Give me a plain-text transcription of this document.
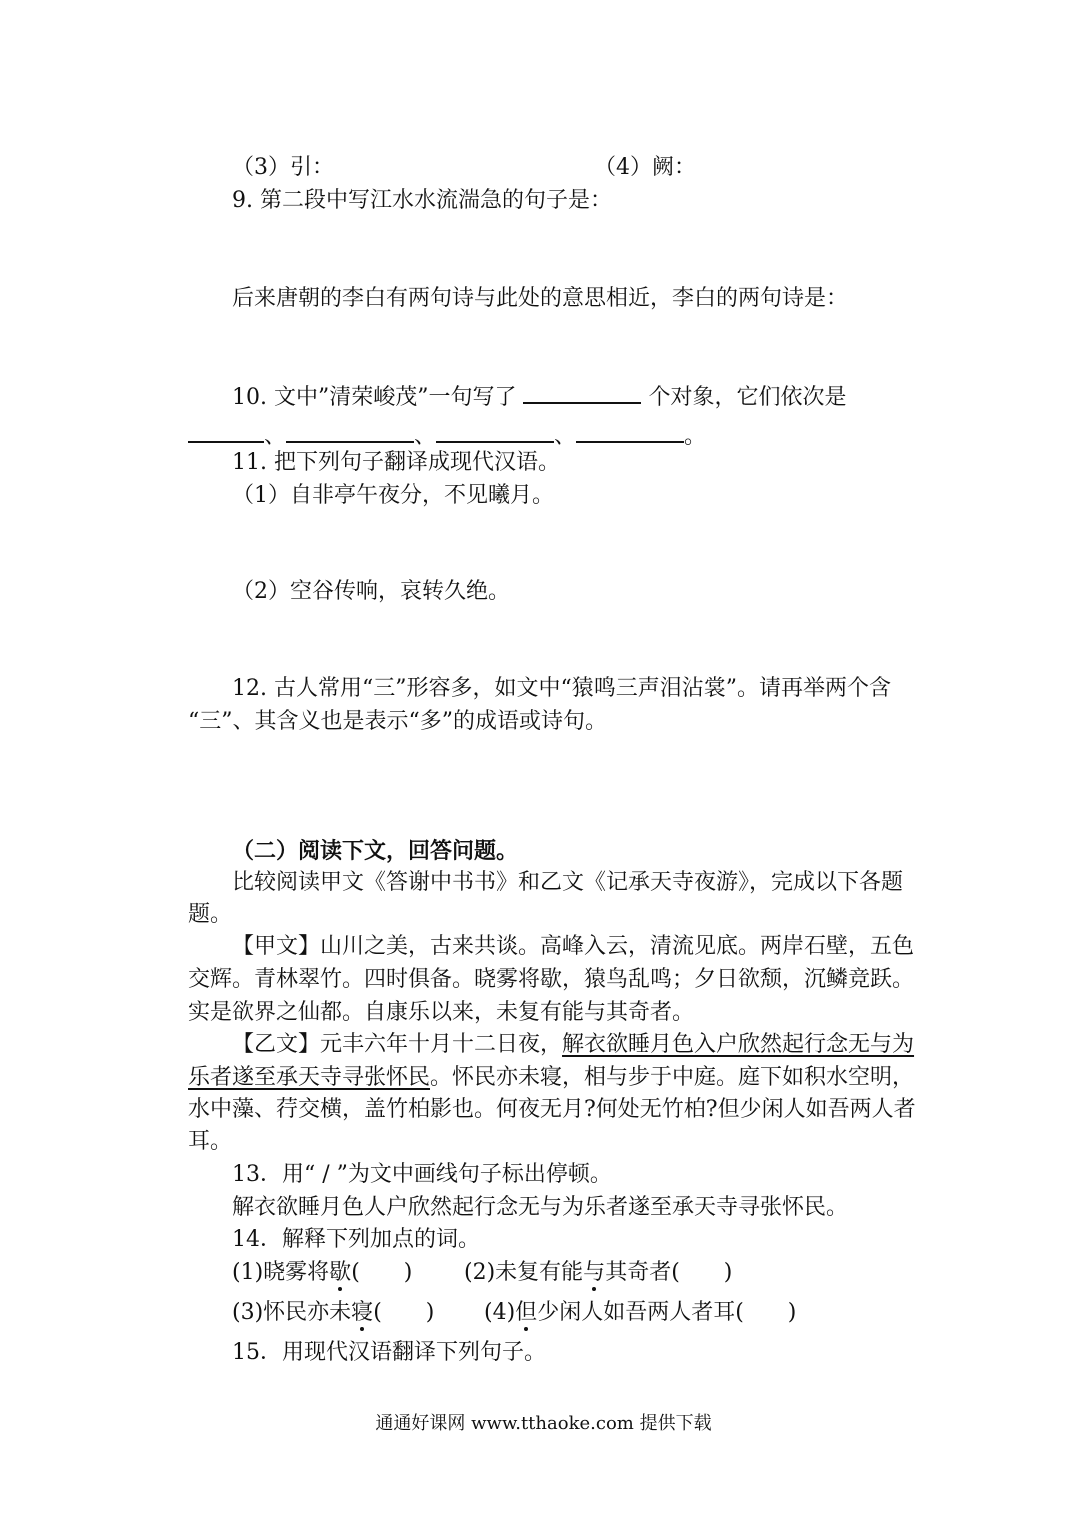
（3）引：	（4）阙：
9. 第二段中写江水水流湍急的句子是：
后来唐朝的李白有两句诗与此处的意思相近，李白的两句诗是：
10. 文中”清荣峻茂”一句写了	个对象，它们依次是
、	、	、	。
11. 把下列句子翻译成现代汉语。
（1）自非亭午夜分，不见曦月。
（2）空谷传响，哀转久绝。
12. 古人常用“三”形容多，如文中“猿鸣三声泪沾裳”。请再举两个含
“三”、其含义也是表示“多”的成语或诗句。
（二）阅读下文，回答问题。
比较阅读甲文《答谢中书书》和乙文《记承天寺夜游》，完成以下各题
题。
【甲文】山川之美，古来共谈。高峰入云，清流见底。两岸石壁，五色
交辉。青林翠竹。四时俱备。晓雾将歇，猿鸟乱鸣；夕日欲颓，沉鳞竞跃。
实是欲界之仙都。自康乐以来，未复有能与其奇者。
【乙文】元丰六年十月十二日夜，解衣欲睡月色入户欣然起行念无与为
乐者遂至承天寺寻张怀民。怀民亦未寝，相与步于中庭。庭下如积水空明，
水中藻、荇交横，盖竹柏影也。何夜无月?何处无竹柏?但少闲人如吾两人者
耳。
13．用“ / ”为文中画线句子标出停顿。
解衣欲睡月色人户欣然起行念无与为乐者遂至承天寺寻张怀民。
14．解释下列加点的词。
(1)晓雾将歇(　　) (2)未复有能与其奇者(　　)
(3)怀民亦未寝(　　) (4)但少闲人如吾两人者耳(　　)
15．用现代汉语翻译下列句子。
通通好课网 www.tthaoke.com 提供下载
